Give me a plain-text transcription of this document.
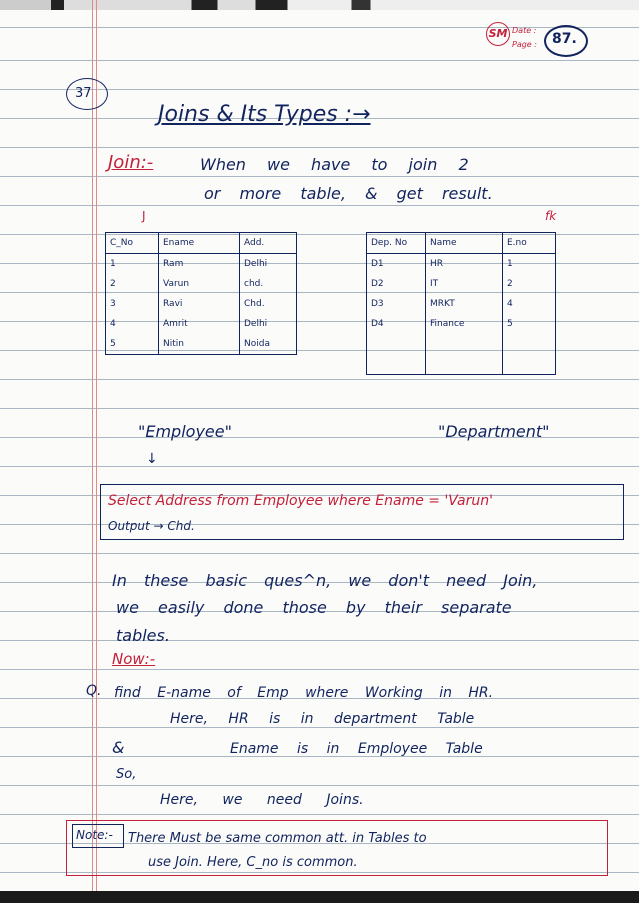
SM Date :
Page : 87.
37
Joins & Its Types :→
Join:-	When we have to join 2
or more table, & get result.
J	fk
C_No	Ename	Add.
1	Ram	Delhi
2	Varun	chd.
3	Ravi	Chd.
4	Amrit	Delhi
5	Nitin	Noida
Dep. No	Name	E.no
D1	HR	1
D2	IT	2
D3	MRKT	4
D4	Finance	5

"Employee"	"Department"
↓
Select Address from Employee where Ename = 'Varun'
Output → Chd.
In these basic ques^n, we don't need Join,
we easily done those by their separate
tables.
Now:-
Q. find E-name of Emp where Working in HR.
Here, HR is in department Table
&	Ename is in Employee Table
So,
Here, we need Joins.
Note:- There Must be same common att. in Tables to
use Join. Here, C_no is common.
